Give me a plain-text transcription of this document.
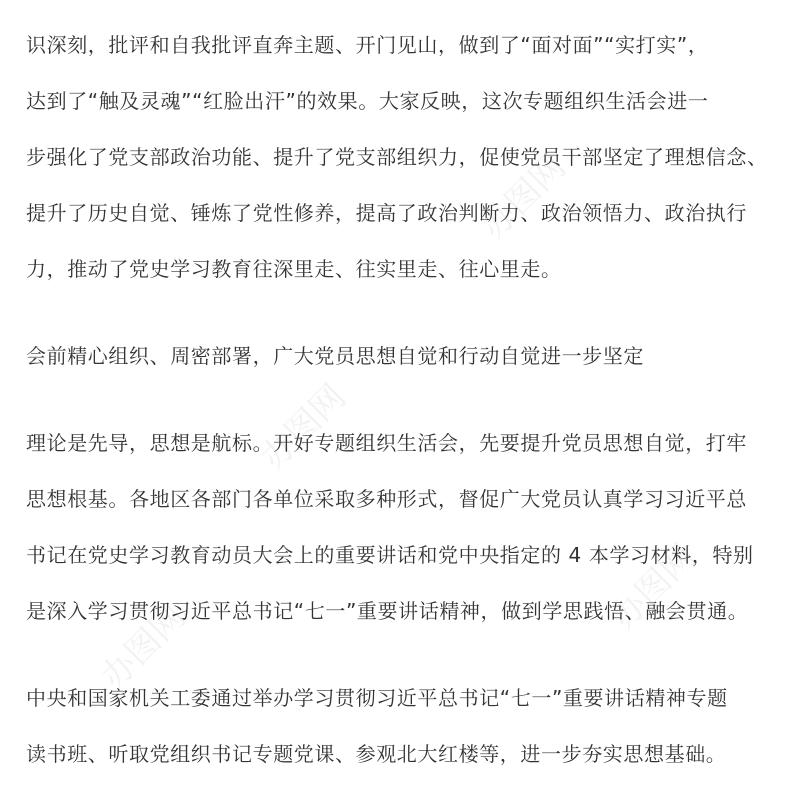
办图网
办图网
办图网
办图网
识深刻，批评和自我批评直奔主题、开门见山，做到了“面对面”“实打实”，
达到了“触及灵魂”“红脸出汗”的效果。大家反映，这次专题组织生活会进一
步强化了党支部政治功能、提升了党支部组织力，促使党员干部坚定了理想信念、
提升了历史自觉、锤炼了党性修养，提高了政治判断力、政治领悟力、政治执行
力，推动了党史学习教育往深里走、往实里走、往心里走。
会前精心组织、周密部署，广大党员思想自觉和行动自觉进一步坚定
理论是先导，思想是航标。开好专题组织生活会，先要提升党员思想自觉，打牢
思想根基。各地区各部门各单位采取多种形式，督促广大党员认真学习习近平总
书记在党史学习教育动员大会上的重要讲话和党中央指定的 4 本学习材料，特别
是深入学习贯彻习近平总书记“七一”重要讲话精神，做到学思践悟、融会贯通。
中央和国家机关工委通过举办学习贯彻习近平总书记“七一”重要讲话精神专题
读书班、听取党组织书记专题党课、参观北大红楼等，进一步夯实思想基础。
